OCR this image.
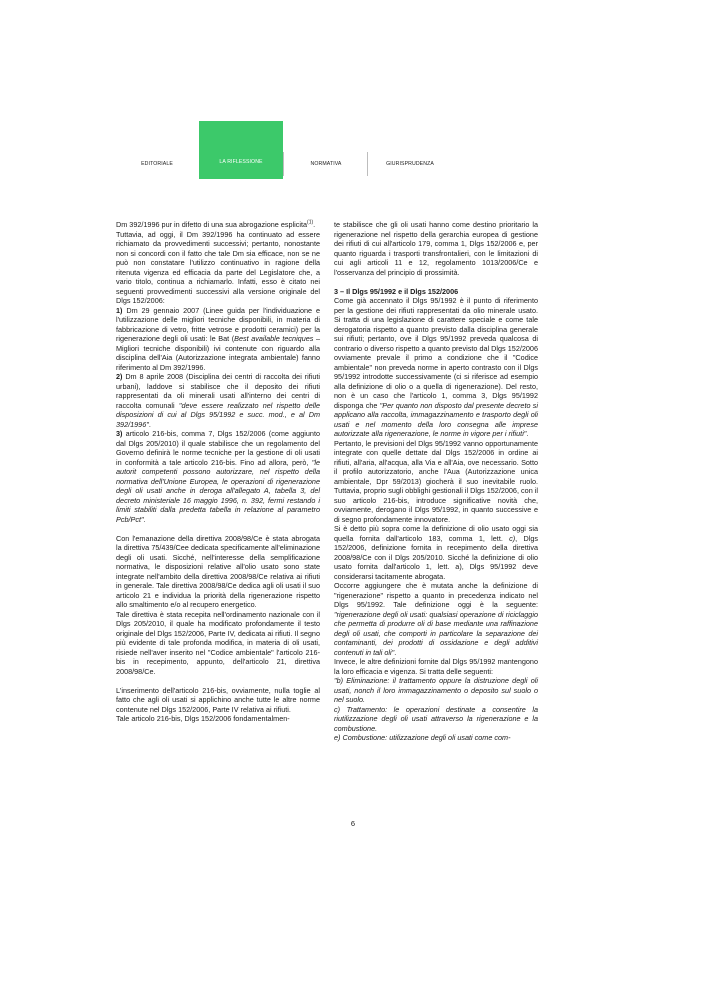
EDITORIALE	LA RIFLESSIONE	NORMATIVA	GIURISPRUDENZA

Dm 392/1996 pur in difetto di una sua abrogazione esplicita$^{(1)}$.

Tuttavia, ad oggi, il Dm 392/1996 ha continuato ad essere richiamato da provvedimenti successivi; pertanto, nonostante non si concordi con il fatto che tale Dm sia efficace, non se ne può non constatare l'utilizzo continuativo in ragione della ritenuta vigenza ed efficacia da parte del Legislatore che, a vario titolo, continua a richiamarlo. Infatti, esso è citato nei seguenti provvedimenti successivi alla versione originale del Dlgs 152/2006:

1) Dm 29 gennaio 2007 (Linee guida per l'individuazione e l'utilizzazione delle migliori tecniche disponibili, in materia di fabbricazione di vetro, fritte vetrose e prodotti ceramici) per la rigenerazione degli oli usati: le Bat (Best available tecniques – Migliori tecniche disponibili) ivi contenute con riguardo alla disciplina dell'Aia (Autorizzazione integrata ambientale) fanno riferimento al Dm 392/1996.

2) Dm 8 aprile 2008 (Disciplina dei centri di raccolta dei rifiuti urbani), laddove si stabilisce che il deposito dei rifiuti rappresentati da oli minerali usati all'interno dei centri di raccolta comunali "deve essere realizzato nel rispetto delle disposizioni di cui al Dlgs 95/1992 e succ. mod., e al Dm 392/1996".

3) articolo 216-bis, comma 7, Dlgs 152/2006 (come aggiunto dal Dlgs 205/2010) il quale stabilisce che un regolamento del Governo definirà le norme tecniche per la gestione di oli usati in conformità a tale articolo 216-bis. Fino ad allora, però, "le autorit competenti possono autorizzare, nel rispetto della normativa dell'Unione Europea, le operazioni di rigenerazione degli oli usati anche in deroga all'allegato A, tabella 3, del decreto ministeriale 16 maggio 1996, n. 392, fermi restando i limiti stabiliti dalla predetta tabella in relazione al parametro Pcb/Pct".

Con l'emanazione della direttiva 2008/98/Ce è stata abrogata la direttiva 75/439/Cee dedicata specificamente all'eliminazione degli oli usati. Sicché, nell'interesse della semplificazione normativa, le disposizioni relative all'olio usato sono state integrate nell'ambito della direttiva 2008/98/Ce relativa ai rifiuti in generale. Tale direttiva 2008/98/Ce dedica agli oli usati il suo articolo 21 e individua la priorità della rigenerazione rispetto allo smaltimento e/o al recupero energetico.

Tale direttiva è stata recepita nell'ordinamento nazionale con il Dlgs 205/2010, il quale ha modificato profondamente il testo originale del Dlgs 152/2006, Parte IV, dedicata ai rifiuti. Il segno più evidente di tale profonda modifica, in materia di oli usati, risiede nell'aver inserito nel "Codice ambientale" l'articolo 216-bis in recepimento, appunto, dell'articolo 21, direttiva 2008/98/Ce.

L'inserimento dell'articolo 216-bis, ovviamente, nulla toglie al fatto che agli oli usati si applichino anche tutte le altre norme contenute nel Dlgs 152/2006, Parte IV relativa ai rifiuti.

Tale articolo 216-bis, Dlgs 152/2006 fondamentalmen-

te stabilisce che gli oli usati hanno come destino prioritario la rigenerazione nel rispetto della gerarchia europea di gestione dei rifiuti di cui all'articolo 179, comma 1, Dlgs 152/2006 e, per quanto riguarda i trasporti transfrontalieri, con le limitazioni di cui agli articoli 11 e 12, regolamento 1013/2006/Ce e l'osservanza del principio di prossimità.

3 – Il Dlgs 95/1992 e il Dlgs 152/2006

Come già accennato il Dlgs 95/1992 è il punto di riferimento per la gestione dei rifiuti rappresentati da olio minerale usato. Si tratta di una legislazione di carattere speciale e come tale derogatoria rispetto a quanto previsto dalla disciplina generale sui rifiuti; pertanto, ove il Dlgs 95/1992 preveda qualcosa di contrario o diverso rispetto a quanto previsto dal Dlgs 152/2006 ovviamente prevale il primo a condizione che il "Codice ambientale" non preveda norme in aperto contrasto con il Dlgs 95/1992 introdotte successivamente (ci si riferisce ad esempio alla definizione di olio o a quella di rigenerazione). Del resto, non è un caso che l'articolo 1, comma 3, Dlgs 95/1992 disponga che "Per quanto non disposto dal presente decreto si applicano alla raccolta, immagazzinamento e trasporto degli oli usati e nel momento della loro consegna alle imprese autorizzate alla rigenerazione, le norme in vigore per i rifiuti".

Pertanto, le previsioni del Dlgs 95/1992 vanno opportunamente integrate con quelle dettate dal Dlgs 152/2006 in ordine ai rifiuti, all'aria, all'acqua, alla Via e all'Aia, ove necessario. Sotto il profilo autorizzatorio, anche l'Aua (Autorizzazione unica ambientale, Dpr 59/2013) giocherà il suo inevitabile ruolo. Tuttavia, proprio sugli obblighi gestionali il Dlgs 152/2006, con il suo articolo 216-bis, introduce significative novità che, ovviamente, derogano il Dlgs 95/1992, in quanto successive e di segno profondamente innovatore.

Si è detto più sopra come la definizione di olio usato oggi sia quella fornita dall'articolo 183, comma 1, lett. c), Dlgs 152/2006, definizione fornita in recepimento della direttiva 2008/98/Ce con il Dlgs 205/2010. Sicché la definizione di olio usato fornita dall'articolo 1, lett. a), Dlgs 95/1992 deve considerarsi tacitamente abrogata.

Occorre aggiungere che è mutata anche la definizione di "rigenerazione" rispetto a quanto in precedenza indicato nel Dlgs 95/1992. Tale definizione oggi è la seguente: "rigenerazione degli oli usati: qualsiasi operazione di riciclaggio che permetta di produrre oli di base mediante una raffinazione degli oli usati, che comporti in particolare la separazione dei contaminanti, dei prodotti di ossidazione e degli additivi contenuti in tali oli".

Invece, le altre definizioni fornite dal Dlgs 95/1992 mantengono la loro efficacia e vigenza. Si tratta delle seguenti:

"b) Eliminazione: il trattamento oppure la distruzione degli oli usati, nonch il loro immagazzinamento o deposito sul suolo o nel suolo.

c) Trattamento: le operazioni destinate a consentire la riutilizzazione degli oli usati attraverso la rigenerazione e la combustione.

e) Combustione: utilizzazione degli oli usati come com-

6
